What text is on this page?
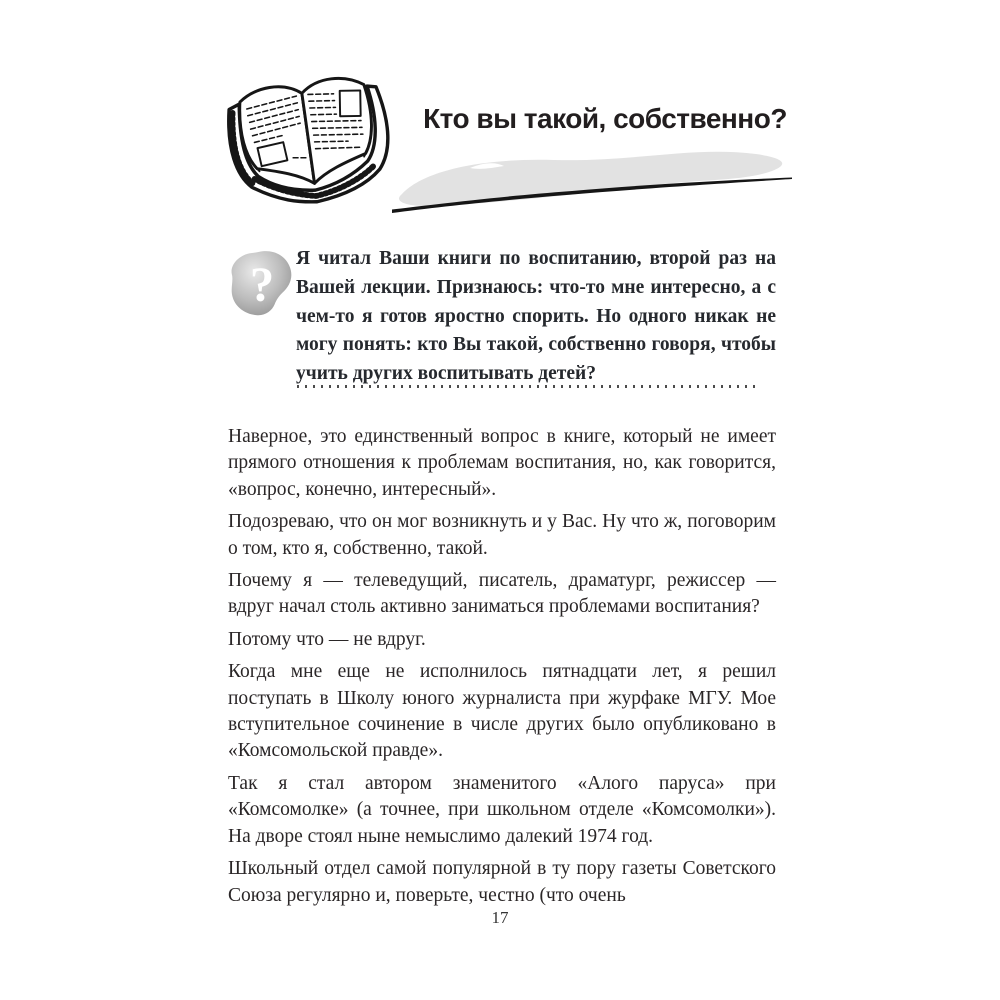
Кто вы такой, собственно?
? Я читал Ваши книги по воспитанию, второй раз на Вашей лекции. Признаюсь: что-то мне интересно, а с чем-то я готов яростно спорить. Но одного никак не могу понять: кто Вы такой, собственно говоря, чтобы учить других воспитывать детей?

Наверное, это единственный вопрос в книге, который не имеет прямого отношения к проблемам воспитания, но, как говорится, «вопрос, конечно, интересный».

Подозреваю, что он мог возникнуть и у Вас. Ну что ж, поговорим о том, кто я, собственно, такой.

Почему я — телеведущий, писатель, драматург, режиссер — вдруг начал столь активно заниматься проблемами воспитания?

Потому что — не вдруг.

Когда мне еще не исполнилось пятнадцати лет, я решил поступать в Школу юного журналиста при журфаке МГУ. Мое вступительное сочинение в числе других было опубликовано в «Комсомольской правде».

Так я стал автором знаменитого «Алого паруса» при «Комсомолке» (а точнее, при школьном отделе «Комсомолки»). На дворе стоял ныне немыслимо далекий 1974 год.

Школьный отдел самой популярной в ту пору газеты Советского Союза регулярно и, поверьте, честно (что очень

17
